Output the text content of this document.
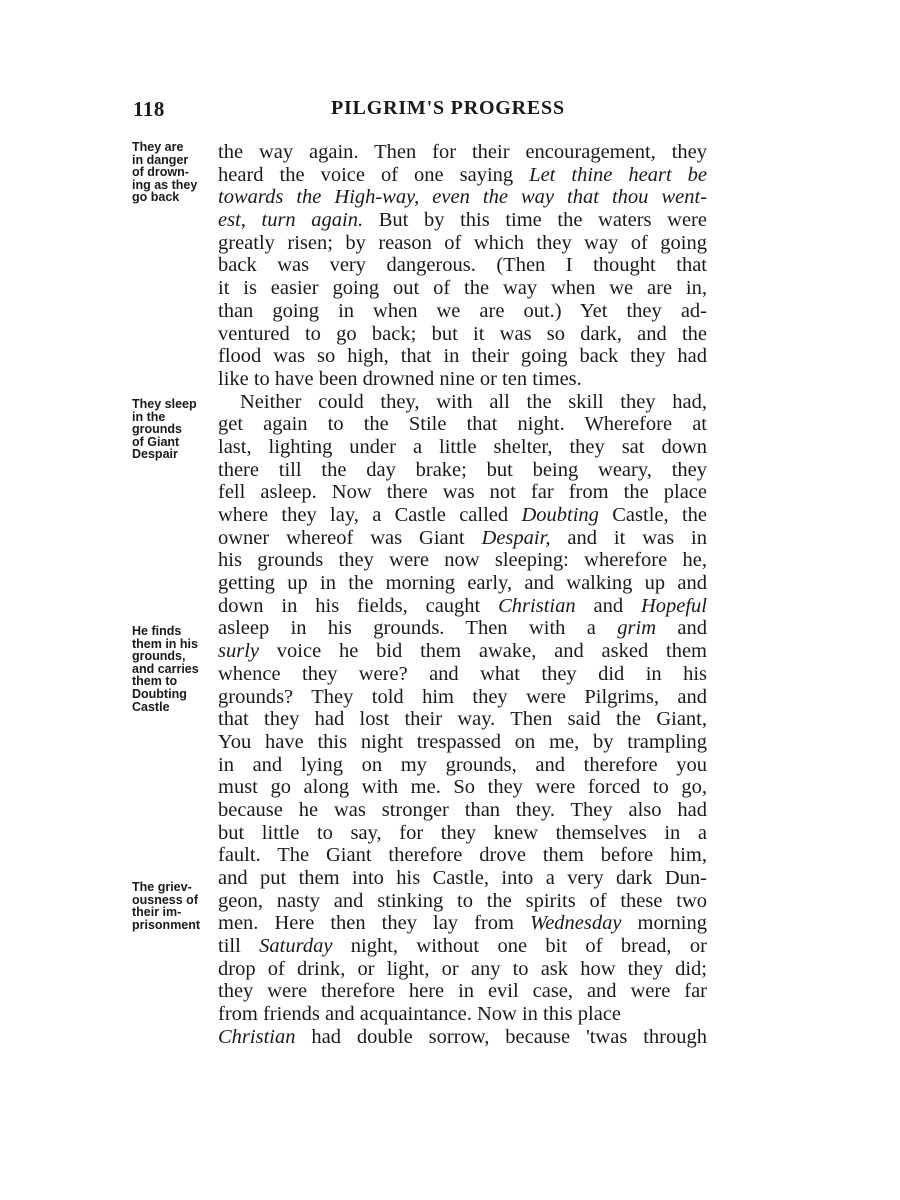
118	PILGRIM'S PROGRESS
They are
in danger
of drown-
ing as they
go back
They sleep
in the
grounds
of Giant
Despair
He finds
them in his
grounds,
and carries
them to
Doubting
Castle
The griev-
ousness of
their im-
prisonment
the way again. Then for their encouragement, they
heard the voice of one saying Let thine heart be
towards the High-way, even the way that thou went-
est, turn again. But by this time the waters were
greatly risen; by reason of which they way of going
back was very dangerous. (Then I thought that
it is easier going out of the way when we are in,
than going in when we are out.) Yet they ad-
ventured to go back; but it was so dark, and the
flood was so high, that in their going back they had
like to have been drowned nine or ten times.
Neither could they, with all the skill they had,
get again to the Stile that night. Wherefore at
last, lighting under a little shelter, they sat down
there till the day brake; but being weary, they
fell asleep. Now there was not far from the place
where they lay, a Castle called Doubting Castle, the
owner whereof was Giant Despair, and it was in
his grounds they were now sleeping: wherefore he,
getting up in the morning early, and walking up and
down in his fields, caught Christian and Hopeful
asleep in his grounds. Then with a grim and
surly voice he bid them awake, and asked them
whence they were? and what they did in his
grounds? They told him they were Pilgrims, and
that they had lost their way. Then said the Giant,
You have this night trespassed on me, by trampling
in and lying on my grounds, and therefore you
must go along with me. So they were forced to go,
because he was stronger than they. They also had
but little to say, for they knew themselves in a
fault. The Giant therefore drove them before him,
and put them into his Castle, into a very dark Dun-
geon, nasty and stinking to the spirits of these two
men. Here then they lay from Wednesday morning
till Saturday night, without one bit of bread, or
drop of drink, or light, or any to ask how they did;
they were therefore here in evil case, and were far
from friends and acquaintance. Now in this place
Christian had double sorrow, because 'twas through
